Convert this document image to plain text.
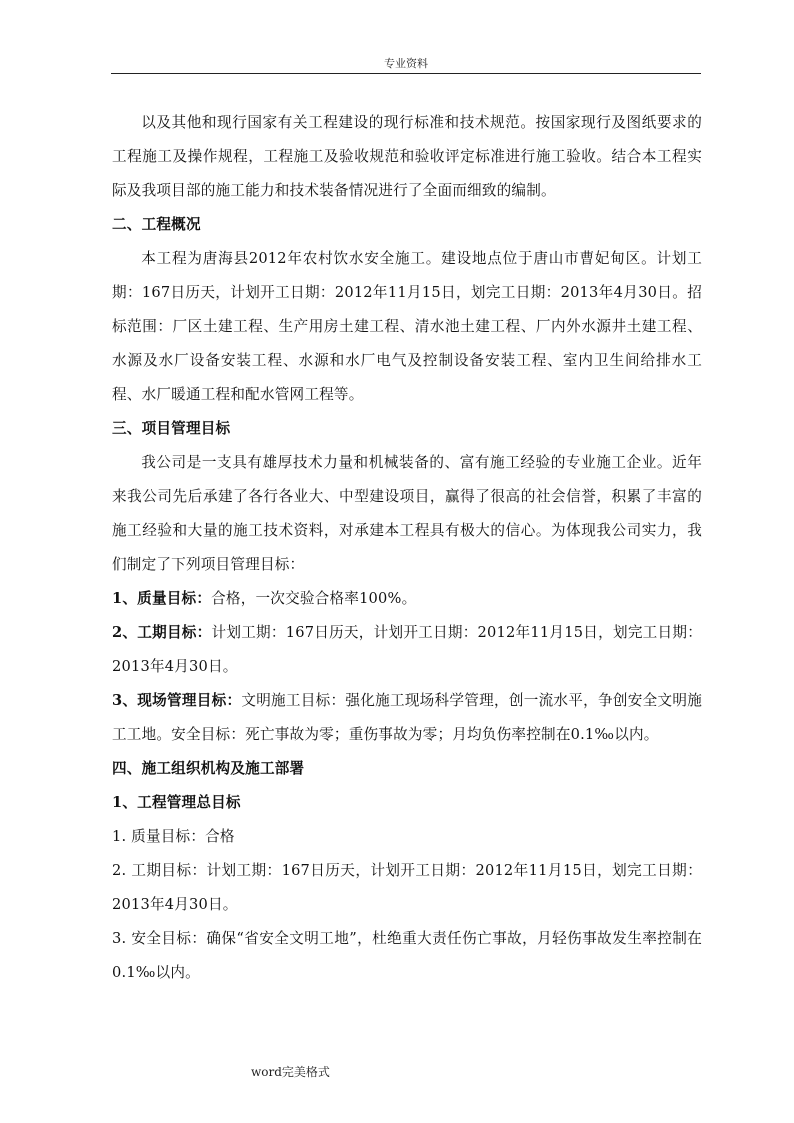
专业资料

以及其他和现行国家有关工程建设的现行标准和技术规范。按国家现行及图纸要求的工程施工及操作规程，工程施工及验收规范和验收评定标准进行施工验收。结合本工程实际及我项目部的施工能力和技术装备情况进行了全面而细致的编制。

二、工程概况

本工程为唐海县2012年农村饮水安全施工。建设地点位于唐山市曹妃甸区。计划工期：167日历天，计划开工日期：2012年11月15日，划完工日期：2013年4月30日。招标范围：厂区土建工程、生产用房土建工程、清水池土建工程、厂内外水源井土建工程、水源及水厂设备安装工程、水源和水厂电气及控制设备安装工程、室内卫生间给排水工程、水厂暖通工程和配水管网工程等。

三、项目管理目标

我公司是一支具有雄厚技术力量和机械装备的、富有施工经验的专业施工企业。近年来我公司先后承建了各行各业大、中型建设项目，赢得了很高的社会信誉，积累了丰富的施工经验和大量的施工技术资料，对承建本工程具有极大的信心。为体现我公司实力，我们制定了下列项目管理目标：

1、质量目标：合格，一次交验合格率100%。

2、工期目标：计划工期：167日历天，计划开工日期：2012年11月15日，划完工日期：2013年4月30日。

3、现场管理目标：文明施工目标：强化施工现场科学管理，创一流水平，争创安全文明施工工地。安全目标：死亡事故为零；重伤事故为零；月均负伤率控制在0.1‰以内。

四、施工组织机构及施工部署

1、工程管理总目标

1. 质量目标：合格

2. 工期目标：计划工期：167日历天，计划开工日期：2012年11月15日，划完工日期：2013年4月30日。

3. 安全目标：确保“省安全文明工地”，杜绝重大责任伤亡事故，月轻伤事故发生率控制在0.1‰以内。

word完美格式
